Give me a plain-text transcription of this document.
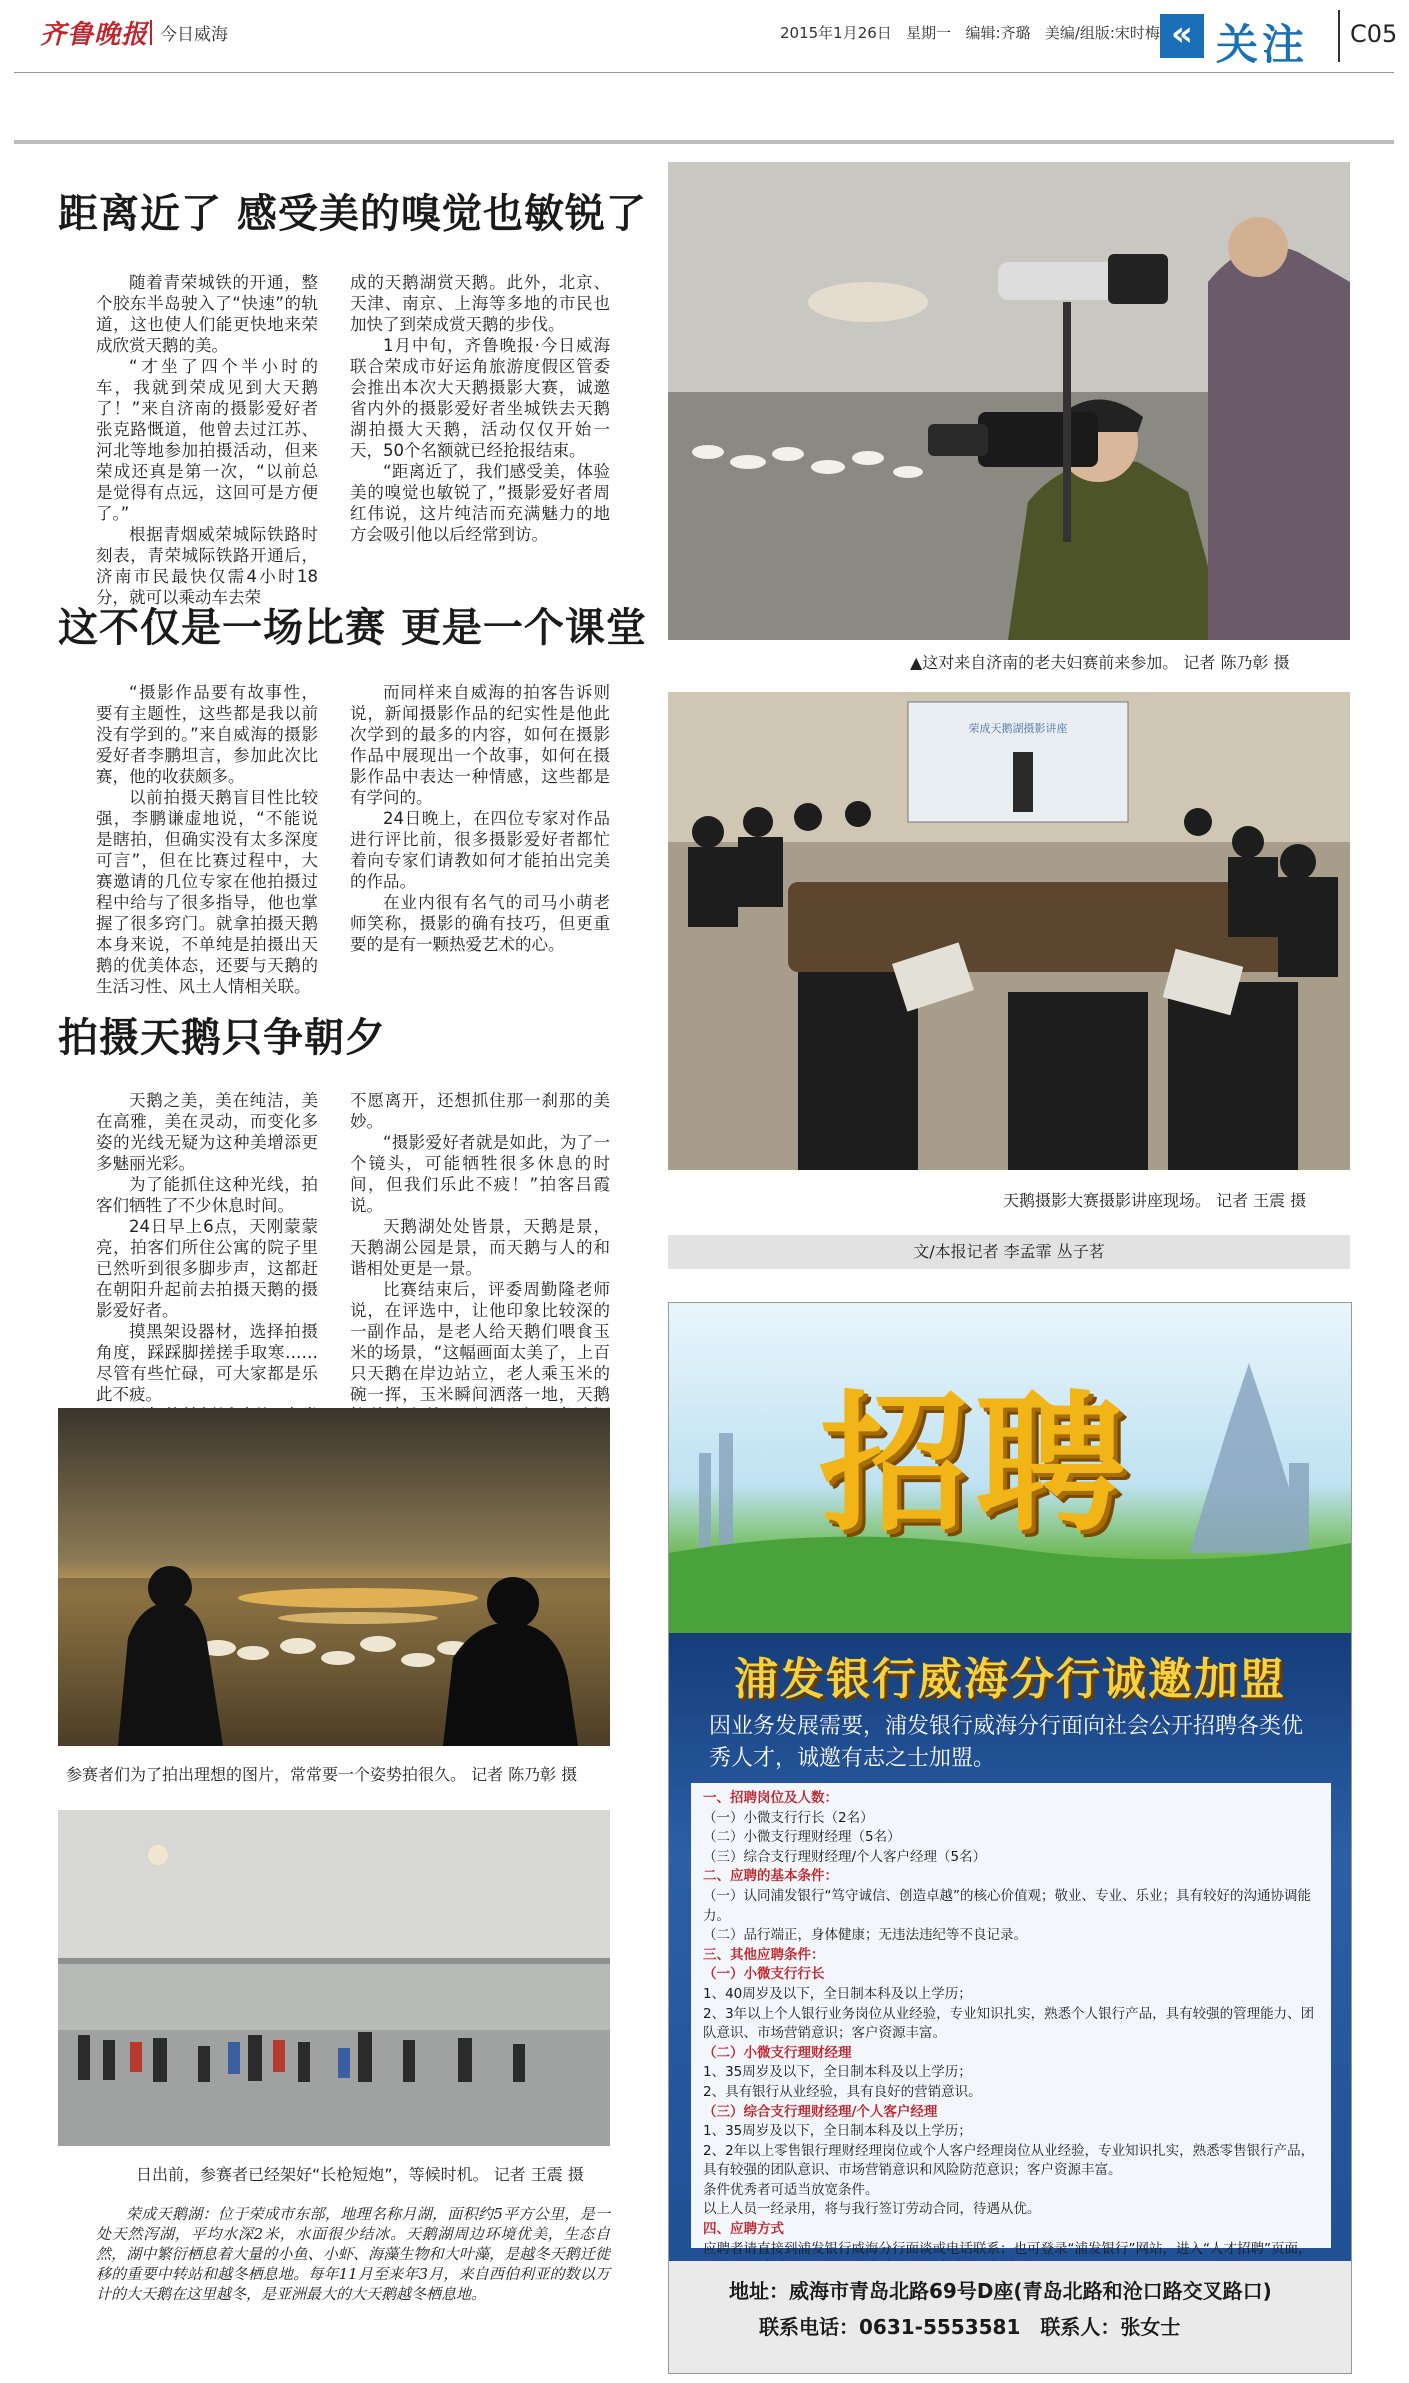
齐鲁晚报 今日威海	2015年1月26日 星期一 编辑:齐璐 美编/组版:宋时梅 « 关注 C05
距离近了 感受美的嗅觉也敏锐了

随着青荣城铁的开通，整个胶东半岛驶入了“快速”的轨道，这也使人们能更快地来荣成欣赏天鹅的美。

“才坐了四个半小时的车，我就到荣成见到大天鹅了！”来自济南的摄影爱好者张克路慨道，他曾去过江苏、河北等地参加拍摄活动，但来荣成还真是第一次，“以前总是觉得有点远，这回可是方便了。”

根据青烟威荣城际铁路时刻表，青荣城际铁路开通后，济南市民最快仅需4小时18分，就可以乘动车去荣

成的天鹅湖赏天鹅。此外，北京、天津、南京、上海等多地的市民也加快了到荣成赏天鹅的步伐。

1月中旬，齐鲁晚报·今日威海联合荣成市好运角旅游度假区管委会推出本次大天鹅摄影大赛，诚邀省内外的摄影爱好者坐城铁去天鹅湖拍摄大天鹅，活动仅仅开始一天，50个名额就已经抢报结束。

“距离近了，我们感受美，体验美的嗅觉也敏锐了，”摄影爱好者周红伟说，这片纯洁而充满魅力的地方会吸引他以后经常到访。

这不仅是一场比赛 更是一个课堂

“摄影作品要有故事性，要有主题性，这些都是我以前没有学到的。”来自威海的摄影爱好者李鹏坦言，参加此次比赛，他的收获颇多。

以前拍摄天鹅盲目性比较强，李鹏谦虚地说，“不能说是瞎拍，但确实没有太多深度可言”，但在比赛过程中，大赛邀请的几位专家在他拍摄过程中给与了很多指导，他也掌握了很多窍门。就拿拍摄天鹅本身来说，不单纯是拍摄出天鹅的优美体态，还要与天鹅的生活习性、风土人情相关联。

而同样来自威海的拍客告诉则说，新闻摄影作品的纪实性是他此次学到的最多的内容，如何在摄影作品中展现出一个故事，如何在摄影作品中表达一种情感，这些都是有学问的。

24日晚上，在四位专家对作品进行评比前，很多摄影爱好者都忙着向专家们请教如何才能拍出完美的作品。

在业内很有名气的司马小萌老师笑称，摄影的确有技巧，但更重要的是有一颗热爱艺术的心。

拍摄天鹅只争朝夕

天鹅之美，美在纯洁，美在高雅，美在灵动，而变化多姿的光线无疑为这种美增添更多魅丽光彩。

为了能抓住这种光线，拍客们牺牲了不少休息时间。

24日早上6点，天刚蒙蒙亮，拍客们所住公寓的院子里已然听到很多脚步声，这都赶在朝阳升起前去拍摄天鹅的摄影爱好者。

摸黑架设器材，选择拍摄角度，踩踩脚搓搓手取寒……尽管有些忙碌，可大家都是乐此不疲。

不愿离开，还想抓住那一刹那的美妙。

“摄影爱好者就是如此，为了一个镜头，可能牺牲很多休息的时间，但我们乐此不疲！”拍客吕霞说。

天鹅湖处处皆景，天鹅是景，天鹅湖公园是景，而天鹅与人的和谐相处更是一景。

比赛结束后，评委周勤隆老师说，在评选中，让他印象比较深的一副作品，是老人给天鹅们喂食玉米的场景，“这幅画面太美了，上百只天鹅在岸边站立，老人乘玉米的碗一挥，玉米瞬间洒落一地，天鹅

参赛者们为了拍出理想的图片，常常要一个姿势拍很久。 记者 陈乃彰 摄
日出前，参赛者已经架好“长枪短炮”，等候时机。 记者 王震 摄

荣成天鹅湖：位于荣成市东部，地理名称月湖，面积约5平方公里，是一处天然泻湖，平均水深2米，水面很少结冰。天鹅湖周边环境优美，生态自然，湖中繁衍栖息着大量的小鱼、小虾、海藻生物和大叶藻，是越冬天鹅迁徙移的重要中转站和越冬栖息地。每年11月至来年3月，来自西伯利亚的数以万计的大天鹅在这里越冬，是亚洲最大的大天鹅越冬栖息地。

▲这对来自济南的老夫妇赛前来参加。 记者 陈乃彰 摄
荣成天鹅湖摄影讲座
天鹅摄影大赛摄影讲座现场。 记者 王震 摄
文/本报记者 李孟霏 丛子茗
招聘
浦发银行威海分行诚邀加盟
因业务发展需要，浦发银行威海分行面向社会公开招聘各类优秀人才，诚邀有志之士加盟。
一、招聘岗位及人数：
（一）小微支行行长（2名）
（二）小微支行理财经理（5名）
（三）综合支行理财经理/个人客户经理（5名）
二、应聘的基本条件：
（一）认同浦发银行“笃守诚信、创造卓越”的核心价值观；敬业、专业、乐业；具有较好的沟通协调能力。
（二）品行端正，身体健康；无违法违纪等不良记录。
三、其他应聘条件：
（一）小微支行行长
1、40周岁及以下，全日制本科及以上学历；
2、3年以上个人银行业务岗位从业经验，专业知识扎实，熟悉个人银行产品，具有较强的管理能力、团队意识、市场营销意识；客户资源丰富。
（二）小微支行理财经理
1、35周岁及以下，全日制本科及以上学历；
2、具有银行从业经验，具有良好的营销意识。
（三）综合支行理财经理/个人客户经理
1、35周岁及以下，全日制本科及以上学历；
2、2年以上零售银行理财经理岗位或个人客户经理岗位从业经验，专业知识扎实，熟悉零售银行产品，具有较强的团队意识、市场营销意识和风险防范意识；客户资源丰富。
条件优秀者可适当放宽条件。
以上人员一经录用，将与我行签订劳动合同，待遇从优。
四、应聘方式
应聘者请直接到浦发银行威海分行面谈或电话联系；也可登录“浦发银行”网站，进入“人才招聘”页面，
地址：威海市青岛北路69号D座(青岛北路和沧口路交叉路口)
联系电话：0631-5553581　联系人：张女士
